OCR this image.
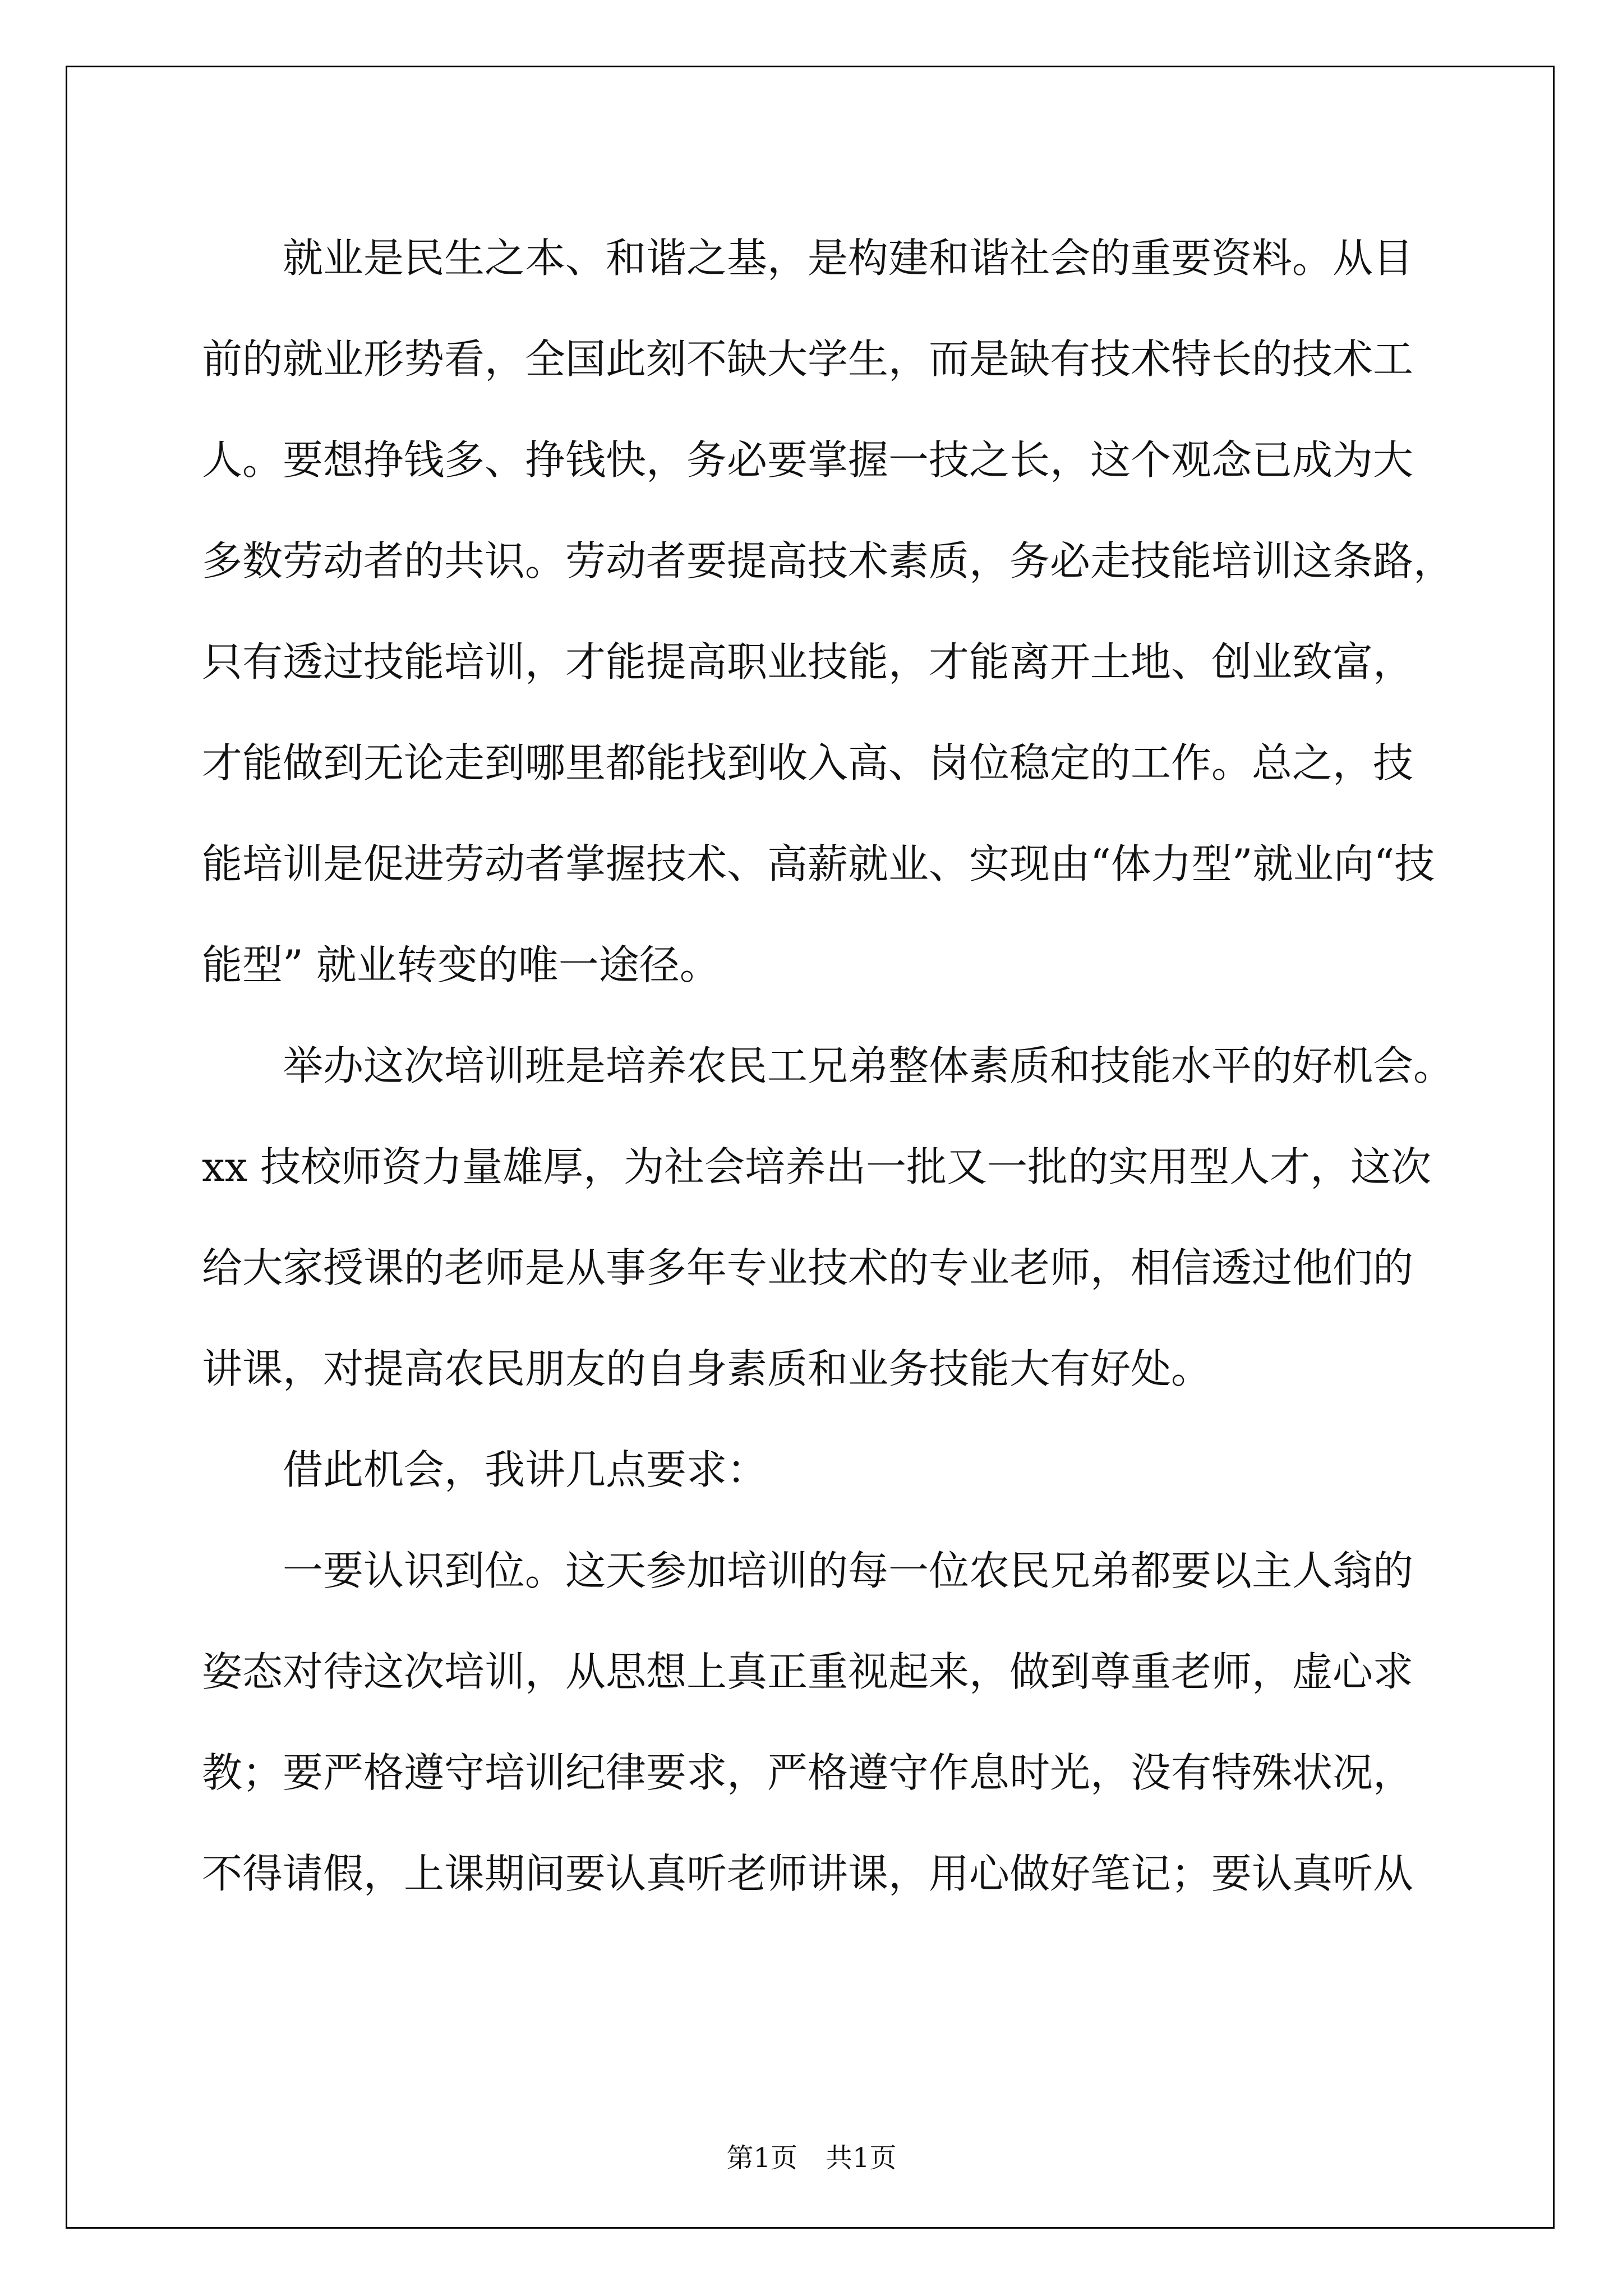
就业是民生之本、和谐之基，是构建和谐社会的重要资料。从目
前的就业形势看，全国此刻不缺大学生，而是缺有技术特长的技术工
人。要想挣钱多、挣钱快，务必要掌握一技之长，这个观念已成为大
多数劳动者的共识。劳动者要提高技术素质，务必走技能培训这条路，
只有透过技能培训，才能提高职业技能，才能离开土地、创业致富，
才能做到无论走到哪里都能找到收入高、岗位稳定的工作。总之，技
能培训是促进劳动者掌握技术、高薪就业、实现由“体力型”就业向“技
能型” 就业转变的唯一途径。
举办这次培训班是培养农民工兄弟整体素质和技能水平的好机会。
xx 技校师资力量雄厚，为社会培养出一批又一批的实用型人才，这次
给大家授课的老师是从事多年专业技术的专业老师，相信透过他们的
讲课，对提高农民朋友的自身素质和业务技能大有好处。
借此机会，我讲几点要求：
一要认识到位。这天参加培训的每一位农民兄弟都要以主人翁的
姿态对待这次培训，从思想上真正重视起来，做到尊重老师，虚心求
教；要严格遵守培训纪律要求，严格遵守作息时光，没有特殊状况，
不得请假，上课期间要认真听老师讲课，用心做好笔记；要认真听从
第1页 共1页
